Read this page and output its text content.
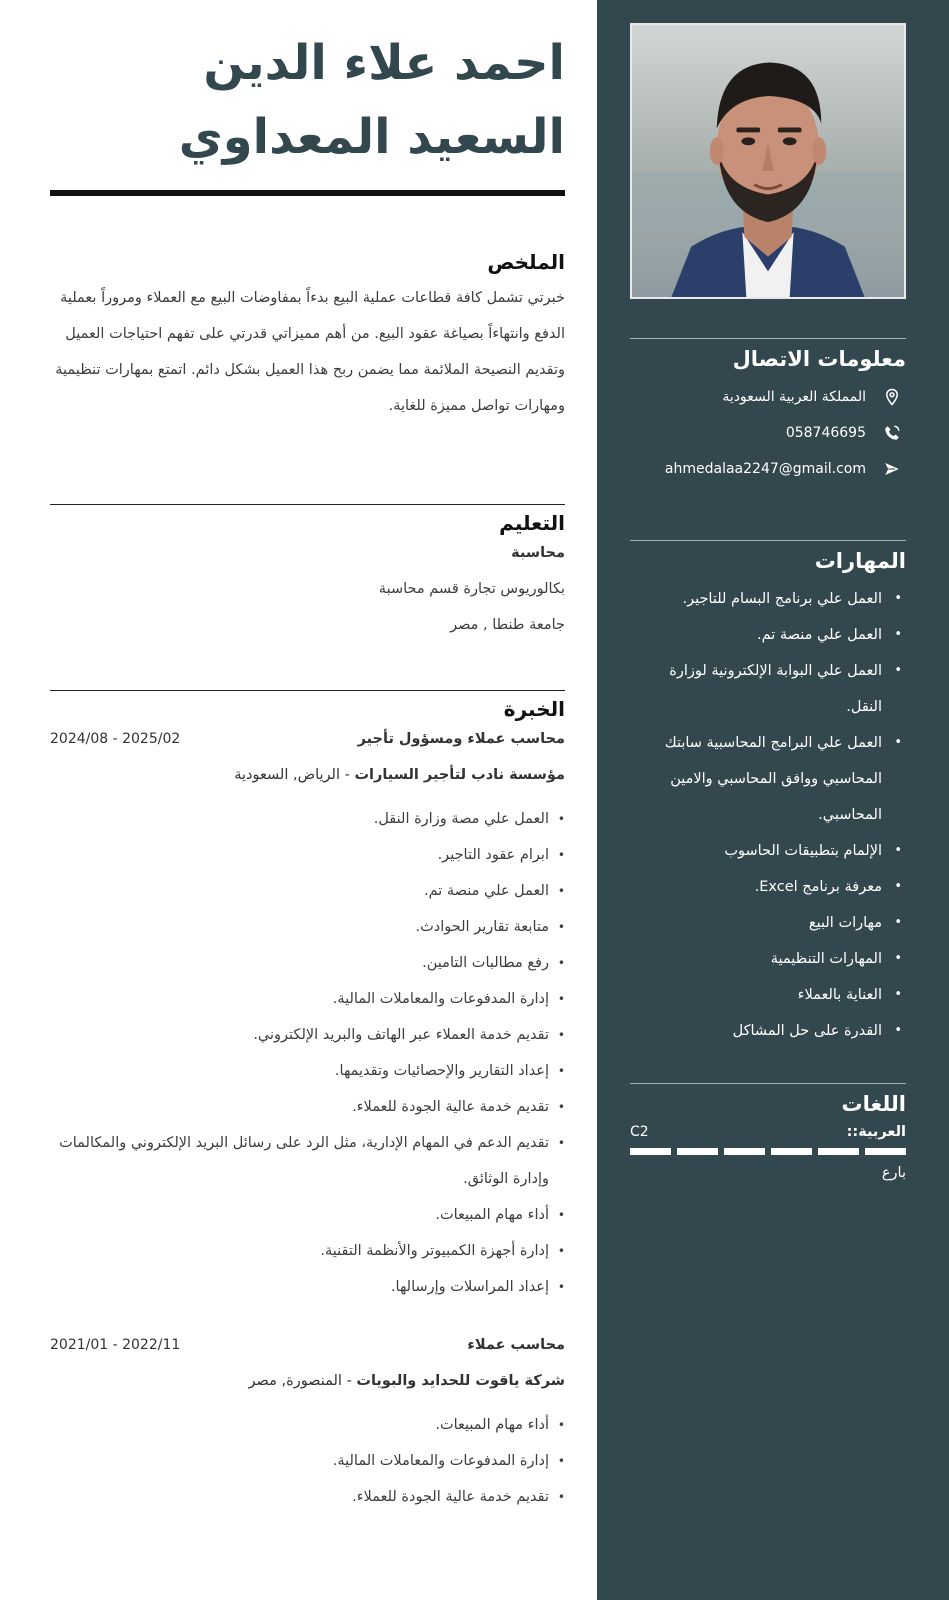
معلومات الاتصال
المملكة العربية السعودية
058746695
ahmedalaa2247@gmail.com
المهارات
• العمل علي برنامج البسام للتاجير.
• العمل علي منصة تم.
• العمل علي البوابة الإلكترونية لوزارة النقل.
• العمل علي البرامج المحاسبية سابتك المحاسبي ووافق المحاسبي والامين المحاسبي.
• الإلمام بتطبيقات الحاسوب
• معرفة برنامج Excel.
• مهارات البيع
• المهارات التنظيمية
• العناية بالعملاء
• القدرة على حل المشاكل
اللغات
العربية::
C2
بارع
احمد علاء الدين
السعيد المعداوي
الملخص

خبرتي تشمل كافة قطاعات عملية البيع بدءاً بمفاوضات البيع مع العملاء ومروراً بعملية الدفع وانتهاءاً بصياغة عقود البيع. من أهم مميزاتي قدرتي على تفهم احتياجات العميل وتقديم النصيحة الملائمة مما يضمن ربح هذا العميل بشكل دائم. اتمتع بمهارات تنظيمية ومهارات تواصل مميزة للغاية.

التعليم
محاسبة
بكالوريوس تجارة قسم محاسبة
جامعة طنطا , مصر
الخبرة
محاسب عملاء ومسؤول تأجير
2024/08 - 2025/02
مؤسسة نادب لتأجير السيارات - الرياض, السعودية
• العمل علي مصة وزارة النقل.
• ابرام عقود التاجير.
• العمل علي منصة تم.
• متابعة تقارير الحوادث.
• رفع مطالبات التامين.
• إدارة المدفوعات والمعاملات المالية.
• تقديم خدمة العملاء عبر الهاتف والبريد الإلكتروني.
• إعداد التقارير والإحصائيات وتقديمها.
• تقديم خدمة عالية الجودة للعملاء.
• تقديم الدعم في المهام الإدارية، مثل الرد على رسائل البريد الإلكتروني والمكالمات وإدارة الوثائق.
• أداء مهام المبيعات.
• إدارة أجهزة الكمبيوتر والأنظمة التقنية.
• إعداد المراسلات وإرسالها.
محاسب عملاء
2021/01 - 2022/11
شركة ياقوت للحدايد والبويات - المنصورة, مصر
• أداء مهام المبيعات.
• إدارة المدفوعات والمعاملات المالية.
• تقديم خدمة عالية الجودة للعملاء.
